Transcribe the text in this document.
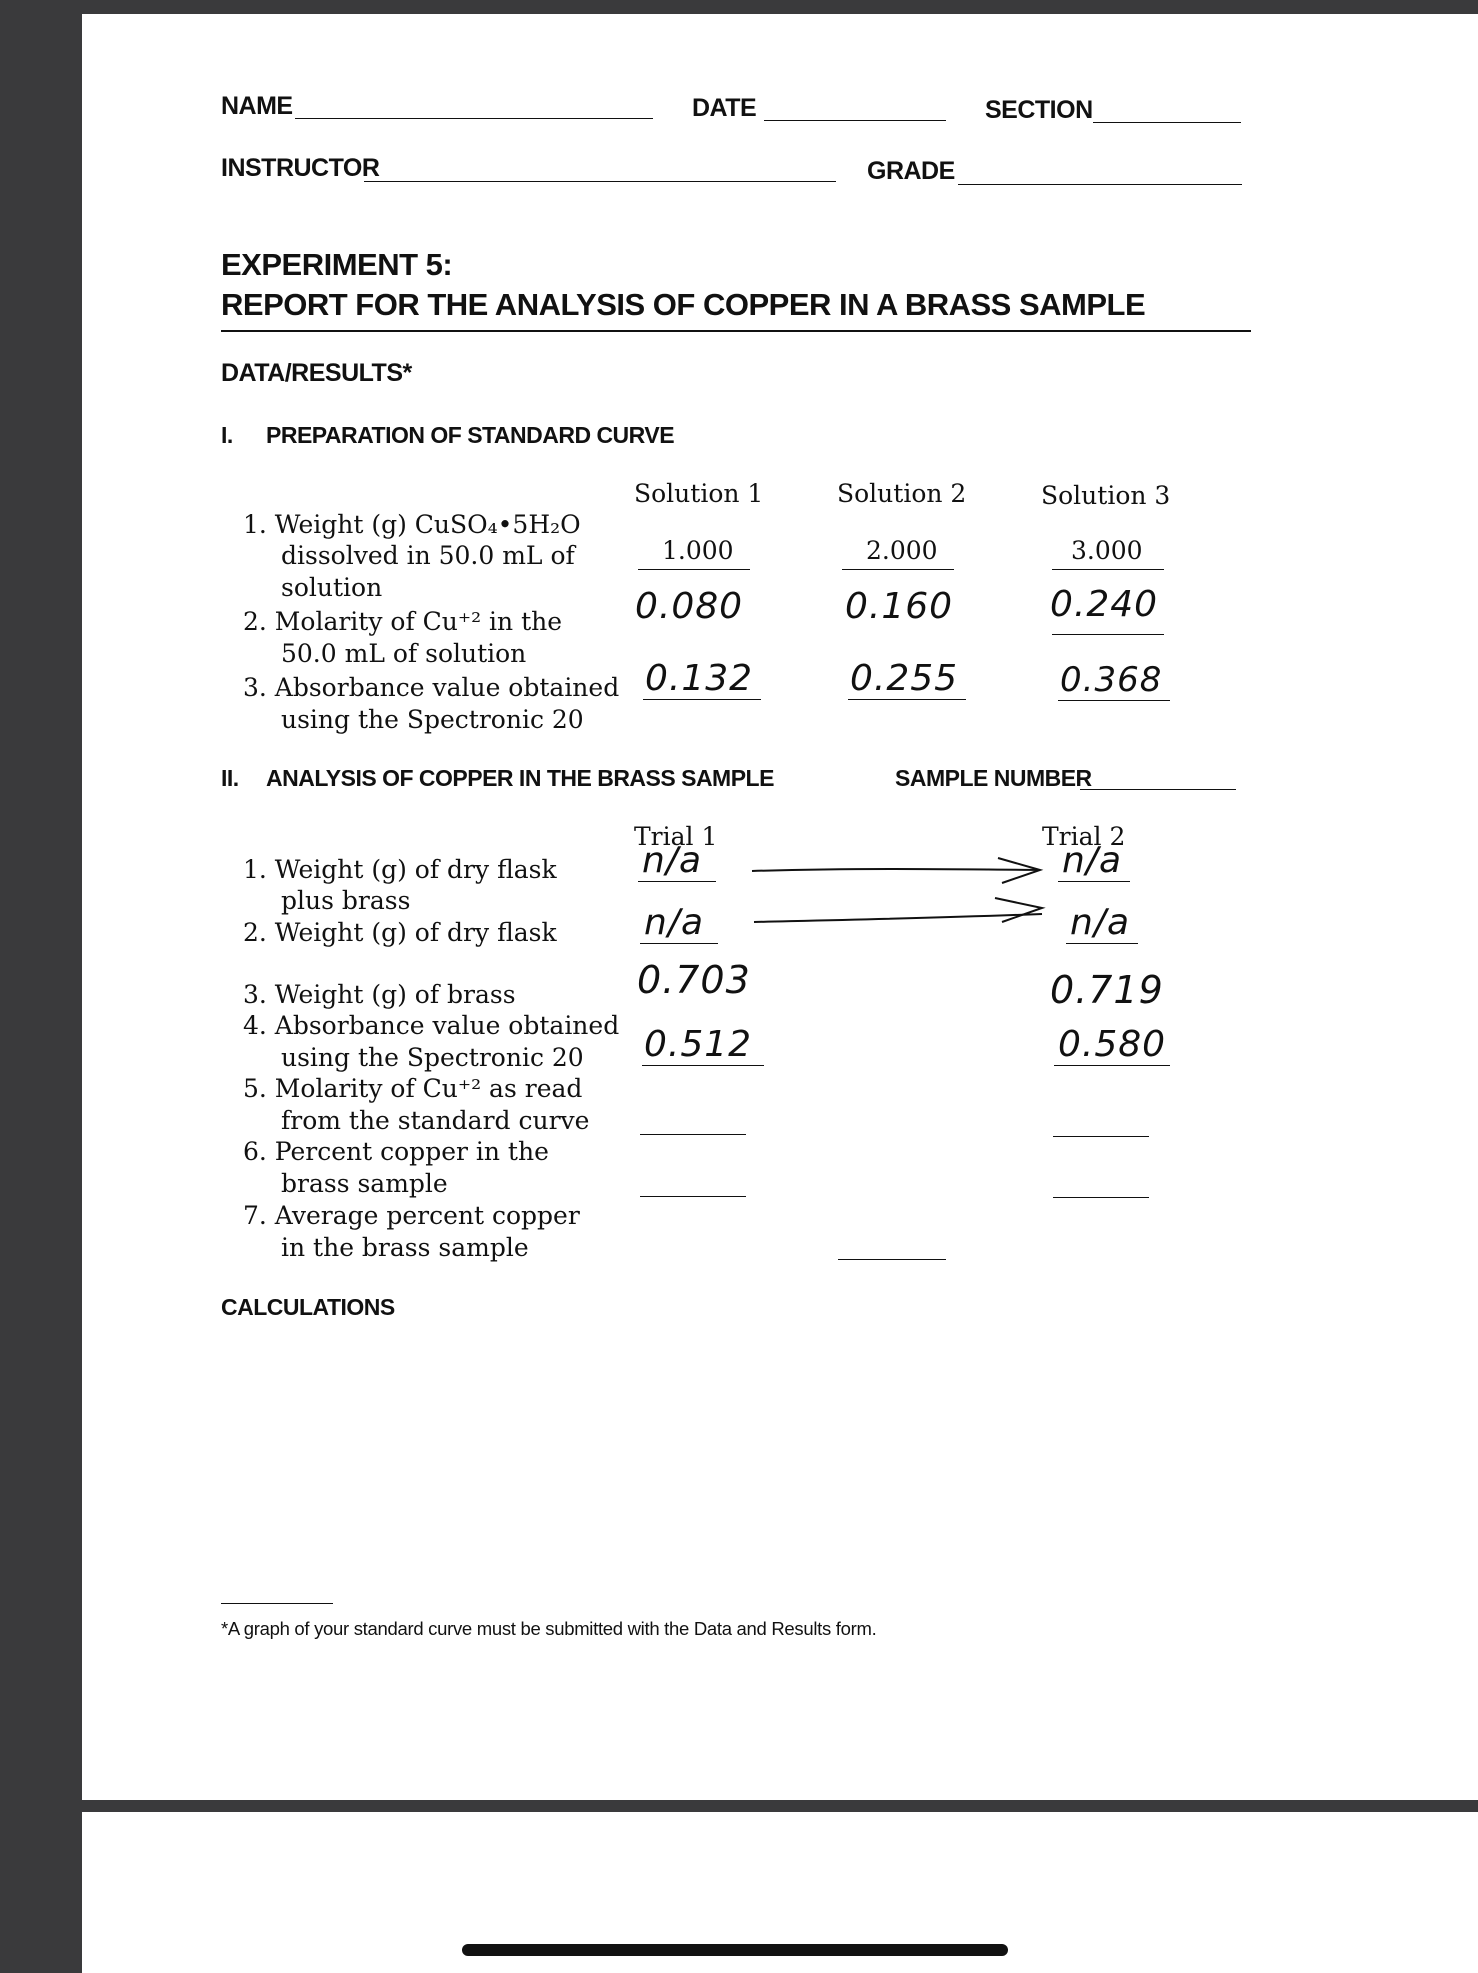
NAME	DATE	SECTION
INSTRUCTOR	GRADE
EXPERIMENT 5:
REPORT FOR THE ANALYSIS OF COPPER IN A BRASS SAMPLE
DATA/RESULTS*
I. PREPARATION OF STANDARD CURVE
Solution 1	Solution 2	Solution 3
1. Weight (g) CuSO₄•5H₂O
dissolved in 50.0 mL of
solution
1.000	2.000	3.000
2. Molarity of Cu⁺² in the
50.0 mL of solution
0.080	0.160	0.240
3. Absorbance value obtained
using the Spectronic 20
0.132	0.255	0.368
II. ANALYSIS OF COPPER IN THE BRASS SAMPLE	SAMPLE NUMBER
Trial 1	Trial 2
1. Weight (g) of dry flask
plus brass
n/a	n/a
2. Weight (g) of dry flask n/a	n/a
3. Weight (g) of brass	0.703	0.719
4. Absorbance value obtained
using the Spectronic 20 0.512	0.580
5. Molarity of Cu⁺² as read
from the standard curve
6. Percent copper in the
brass sample
7. Average percent copper
in the brass sample
CALCULATIONS
*A graph of your standard curve must be submitted with the Data and Results form.
